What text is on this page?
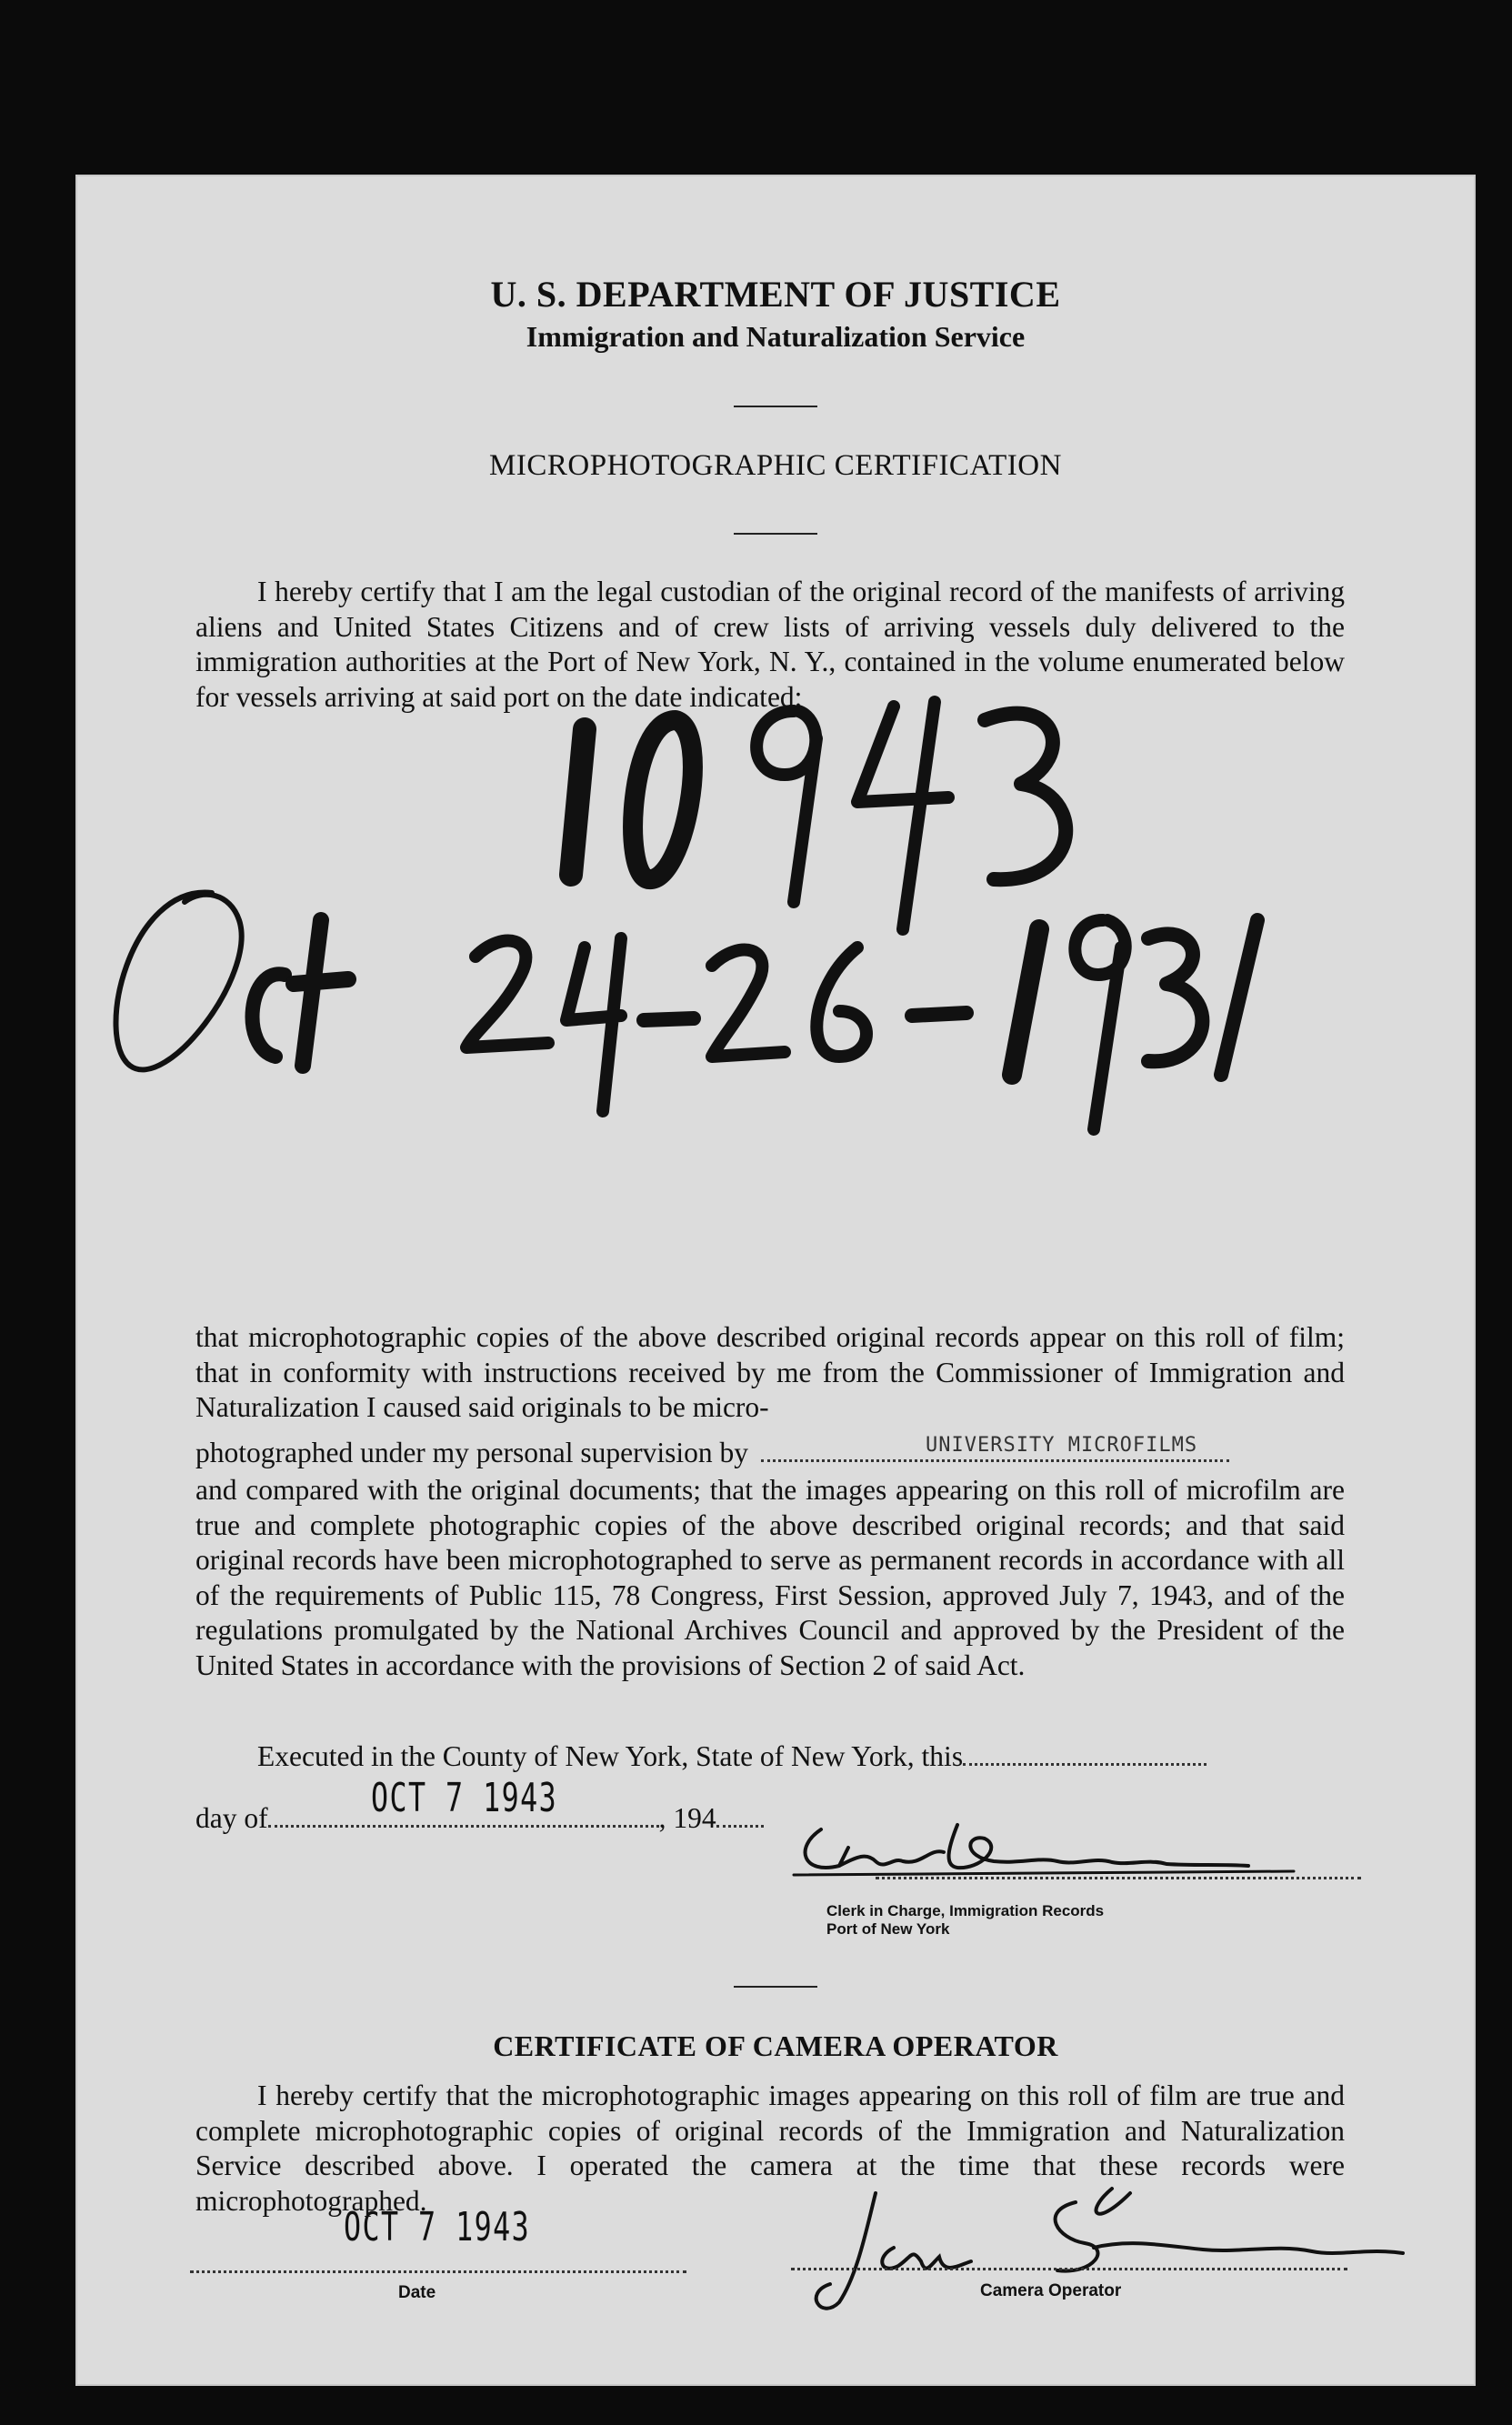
U. S. DEPARTMENT OF JUSTICE
Immigration and Naturalization Service
MICROPHOTOGRAPHIC CERTIFICATION

I hereby certify that I am the legal custodian of the original record of the manifests of arriving aliens and United States Citizens and of crew lists of arriving vessels duly delivered to the immigration authorities at the Port of New York, N. Y., contained in the volume enumerated below for vessels arriving at said port on the date indicated:

that microphotographic copies of the above described original records appear on this roll of film; that in conformity with instructions received by me from the Commissioner of Immigration and Naturalization I caused said originals to be micro-

photographed under my personal supervision by	UNIVERSITY MICROFILMS

and compared with the original documents; that the images appearing on this roll of microfilm are true and complete photographic copies of the above described original records; and that said original records have been microphotographed to serve as permanent records in accordance with all of the requirements of Public 115, 78 Congress, First Session, approved July 7, 1943, and of the regulations promulgated by the National Archives Council and approved by the President of the United States in accordance with the provisions of Section 2 of said Act.

Executed in the County of New York, State of New York, this
day of	, 194
OCT 7 1943
Clerk in Charge, Immigration Records
Port of New York
CERTIFICATE OF CAMERA OPERATOR

I hereby certify that the microphotographic images appearing on this roll of film are true and complete microphotographic copies of original records of the Immigration and Naturalization Service described above. I operated the camera at the time that these records were microphotographed.

OCT 7 1943
Date	Camera Operator
